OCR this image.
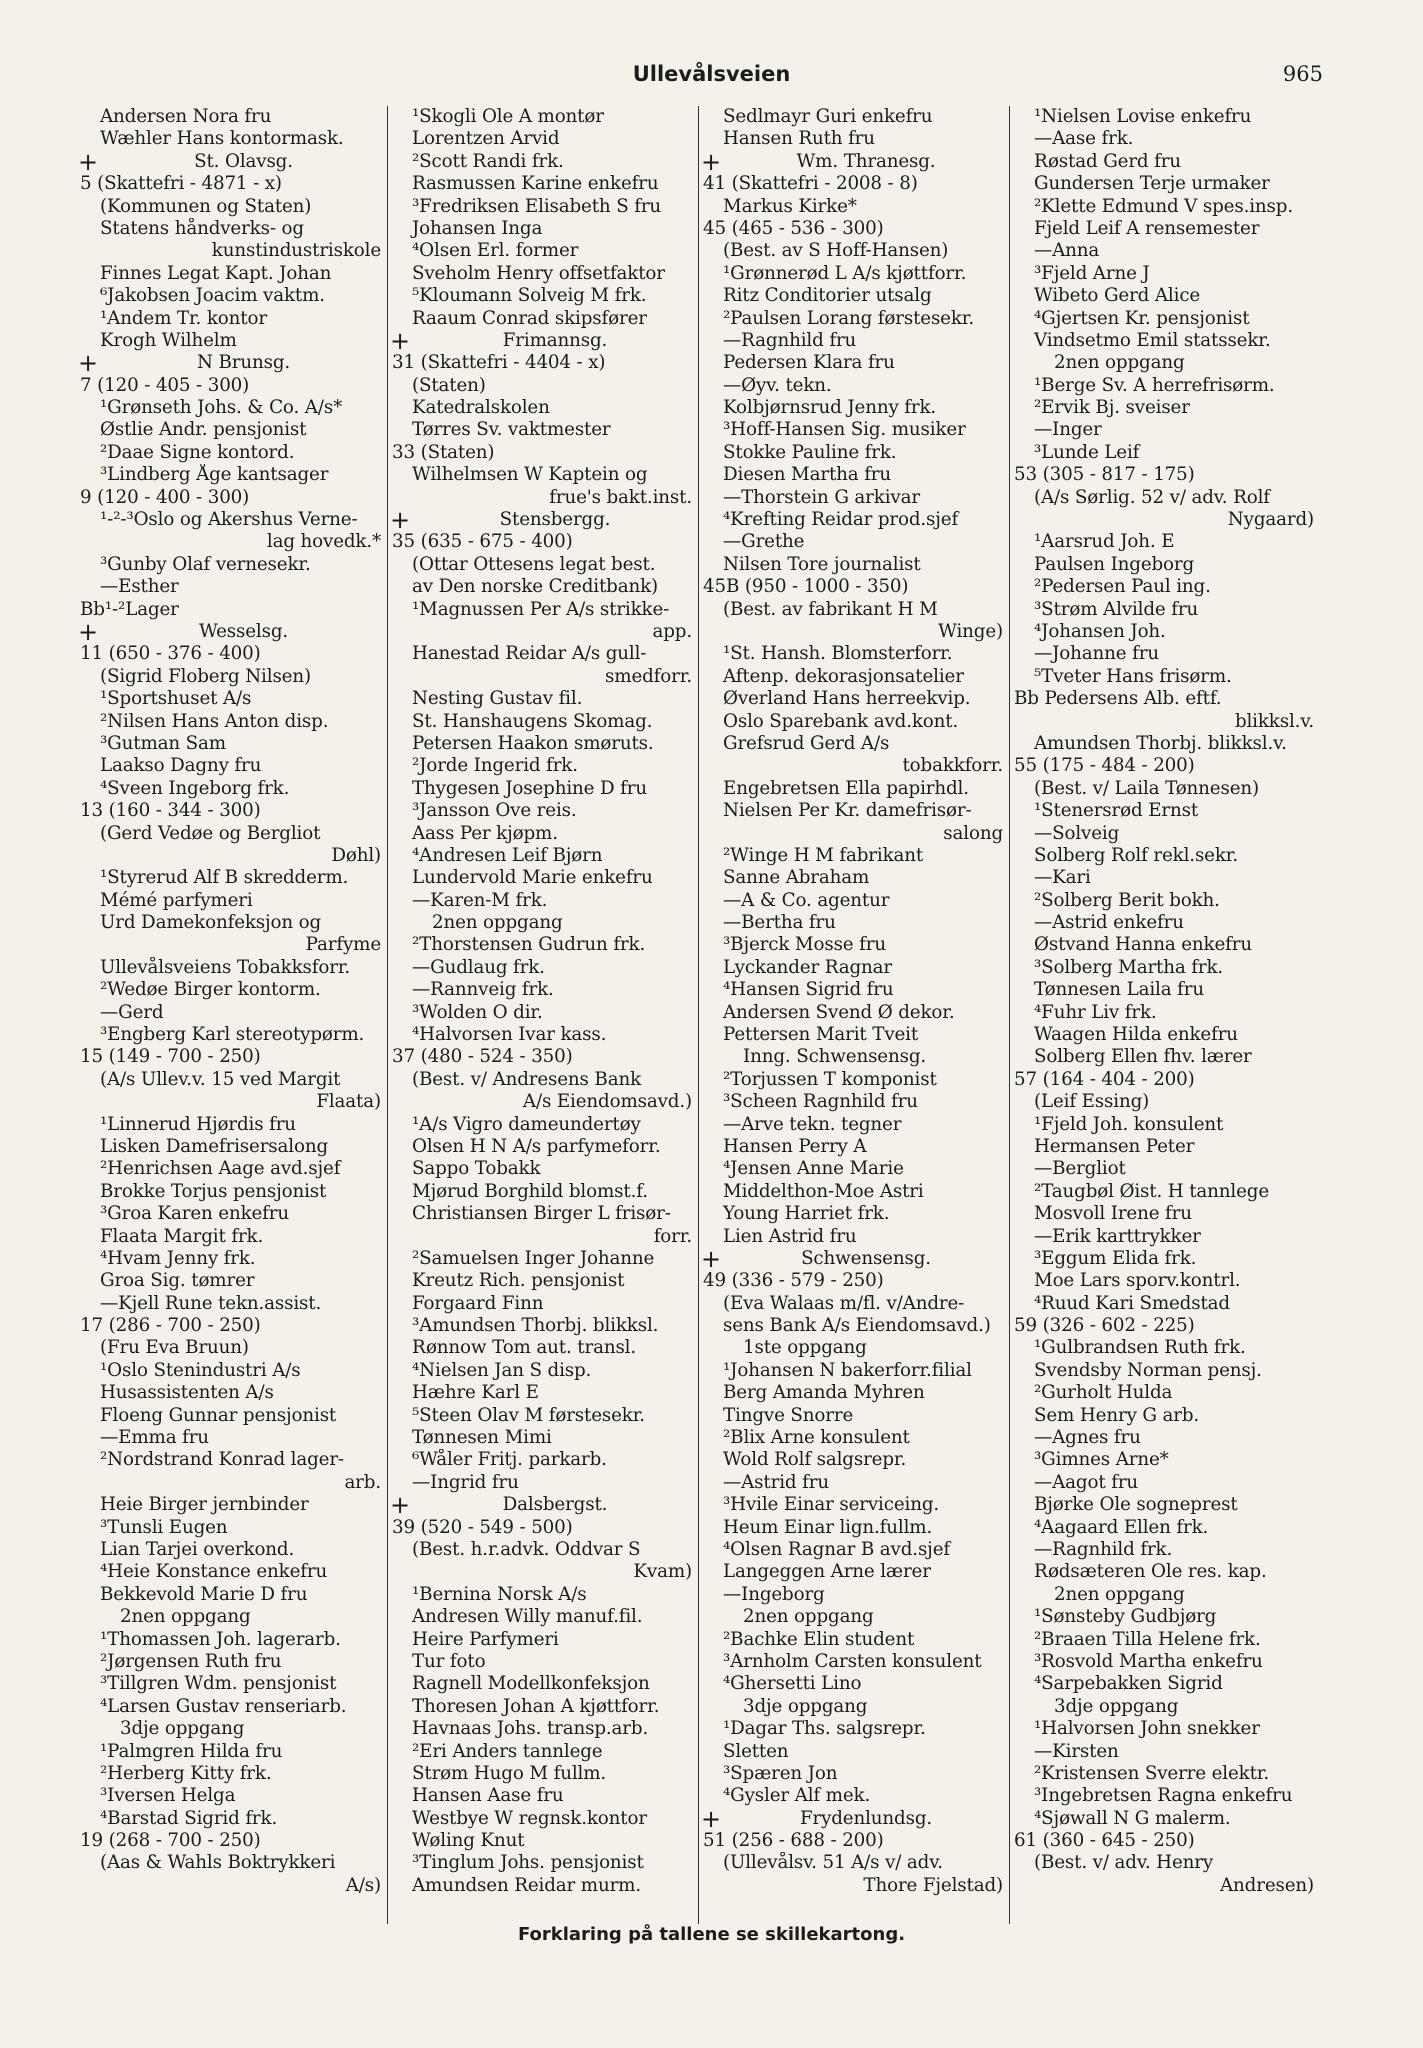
Ullevålsveien	965
Andersen Nora fru
Wæhler Hans kontormask.
+	St. Olavsg.
5 (Skattefri - 4871 - x)
(Kommunen og Staten)
Statens håndverks- og
kunstindustriskole
Finnes Legat Kapt. Johan
⁶Jakobsen Joacim vaktm.
¹Andem Tr. kontor
Krogh Wilhelm
+	N Brunsg.
7 (120 - 405 - 300)
¹Grønseth Johs. & Co. A/s*
Østlie Andr. pensjonist
²Daae Signe kontord.
³Lindberg Åge kantsager
9 (120 - 400 - 300)
¹-²-³Oslo og Akershus Verne-
lag hovedk.*
³Gunby Olaf vernesekr.
—Esther
Bb¹-²Lager
+	Wesselsg.
11 (650 - 376 - 400)
(Sigrid Floberg Nilsen)
¹Sportshuset A/s
²Nilsen Hans Anton disp.
³Gutman Sam
Laakso Dagny fru
⁴Sveen Ingeborg frk.
13 (160 - 344 - 300)
(Gerd Vedøe og Bergliot
Døhl)
¹Styrerud Alf B skredderm.
Mémé parfymeri
Urd Damekonfeksjon og
Parfyme
Ullevålsveiens Tobakksforr.
²Wedøe Birger kontorm.
—Gerd
³Engberg Karl stereotypørm.
15 (149 - 700 - 250)
(A/s Ullev.v. 15 ved Margit
Flaata)
¹Linnerud Hjørdis fru
Lisken Damefrisersalong
²Henrichsen Aage avd.sjef
Brokke Torjus pensjonist
³Groa Karen enkefru
Flaata Margit frk.
⁴Hvam Jenny frk.
Groa Sig. tømrer
—Kjell Rune tekn.assist.
17 (286 - 700 - 250)
(Fru Eva Bruun)
¹Oslo Stenindustri A/s
Husassistenten A/s
Floeng Gunnar pensjonist
—Emma fru
²Nordstrand Konrad lager-
arb.
Heie Birger jernbinder
³Tunsli Eugen
Lian Tarjei overkond.
⁴Heie Konstance enkefru
Bekkevold Marie D fru
2nen oppgang
¹Thomassen Joh. lagerarb.
²Jørgensen Ruth fru
³Tillgren Wdm. pensjonist
⁴Larsen Gustav renseriarb.
3dje oppgang
¹Palmgren Hilda fru
²Herberg Kitty frk.
³Iversen Helga
⁴Barstad Sigrid frk.
19 (268 - 700 - 250)
(Aas & Wahls Boktrykkeri
A/s)
¹Skogli Ole A montør
Lorentzen Arvid
²Scott Randi frk.
Rasmussen Karine enkefru
³Fredriksen Elisabeth S fru
Johansen Inga
⁴Olsen Erl. former
Sveholm Henry offsetfaktor
⁵Kloumann Solveig M frk.
Raaum Conrad skipsfører
+	Frimannsg.
31 (Skattefri - 4404 - x)
(Staten)
Katedralskolen
Tørres Sv. vaktmester
33 (Staten)
Wilhelmsen W Kaptein og
frue's bakt.inst.
+	Stensbergg.
35 (635 - 675 - 400)
(Ottar Ottesens legat best.
av Den norske Creditbank)
¹Magnussen Per A/s strikke-
app.
Hanestad Reidar A/s gull-
smedforr.
Nesting Gustav fil.
St. Hanshaugens Skomag.
Petersen Haakon smøruts.
²Jorde Ingerid frk.
Thygesen Josephine D fru
³Jansson Ove reis.
Aass Per kjøpm.
⁴Andresen Leif Bjørn
Lundervold Marie enkefru
—Karen-M frk.
2nen oppgang
²Thorstensen Gudrun frk.
—Gudlaug frk.
—Rannveig frk.
³Wolden O dir.
⁴Halvorsen Ivar kass.
37 (480 - 524 - 350)
(Best. v/ Andresens Bank
A/s Eiendomsavd.)
¹A/s Vigro dameundertøy
Olsen H N A/s parfymeforr.
Sappo Tobakk
Mjørud Borghild blomst.f.
Christiansen Birger L frisør-
forr.
²Samuelsen Inger Johanne
Kreutz Rich. pensjonist
Forgaard Finn
³Amundsen Thorbj. blikksl.
Rønnow Tom aut. transl.
⁴Nielsen Jan S disp.
Hæhre Karl E
⁵Steen Olav M førstesekr.
Tønnesen Mimi
⁶Wåler Fritj. parkarb.
—Ingrid fru
+	Dalsbergst.
39 (520 - 549 - 500)
(Best. h.r.advk. Oddvar S
Kvam)
¹Bernina Norsk A/s
Andresen Willy manuf.fil.
Heire Parfymeri
Tur foto
Ragnell Modellkonfeksjon
Thoresen Johan A kjøttforr.
Havnaas Johs. transp.arb.
²Eri Anders tannlege
Strøm Hugo M fullm.
Hansen Aase fru
Westbye W regnsk.kontor
Wøling Knut
³Tinglum Johs. pensjonist
Amundsen Reidar murm.
Sedlmayr Guri enkefru
Hansen Ruth fru
+	Wm. Thranesg.
41 (Skattefri - 2008 - 8)
Markus Kirke*
45 (465 - 536 - 300)
(Best. av S Hoff-Hansen)
¹Grønnerød L A/s kjøttforr.
Ritz Conditorier utsalg
²Paulsen Lorang førstesekr.
—Ragnhild fru
Pedersen Klara fru
—Øyv. tekn.
Kolbjørnsrud Jenny frk.
³Hoff-Hansen Sig. musiker
Stokke Pauline frk.
Diesen Martha fru
—Thorstein G arkivar
⁴Krefting Reidar prod.sjef
—Grethe
Nilsen Tore journalist
45B (950 - 1000 - 350)
(Best. av fabrikant H M
Winge)
¹St. Hansh. Blomsterforr.
Aftenp. dekorasjonsatelier
Øverland Hans herreekvip.
Oslo Sparebank avd.kont.
Grefsrud Gerd A/s
tobakkforr.
Engebretsen Ella papirhdl.
Nielsen Per Kr. damefrisør-
salong
²Winge H M fabrikant
Sanne Abraham
—A & Co. agentur
—Bertha fru
³Bjerck Mosse fru
Lyckander Ragnar
⁴Hansen Sigrid fru
Andersen Svend Ø dekor.
Pettersen Marit Tveit
Inng. Schwensensg.
²Torjussen T komponist
³Scheen Ragnhild fru
—Arve tekn. tegner
Hansen Perry A
⁴Jensen Anne Marie
Middelthon-Moe Astri
Young Harriet frk.
Lien Astrid fru
+	Schwensensg.
49 (336 - 579 - 250)
(Eva Walaas m/fl. v/Andre-
sens Bank A/s Eiendomsavd.)
1ste oppgang
¹Johansen N bakerforr.filial
Berg Amanda Myhren
Tingve Snorre
²Blix Arne konsulent
Wold Rolf salgsrepr.
—Astrid fru
³Hvile Einar serviceing.
Heum Einar lign.fullm.
⁴Olsen Ragnar B avd.sjef
Langeggen Arne lærer
—Ingeborg
2nen oppgang
²Bachke Elin student
³Arnholm Carsten konsulent
⁴Ghersetti Lino
3dje oppgang
¹Dagar Ths. salgsrepr.
Sletten
³Spæren Jon
⁴Gysler Alf mek.
+	Frydenlundsg.
51 (256 - 688 - 200)
(Ullevålsv. 51 A/s v/ adv.
Thore Fjelstad)
¹Nielsen Lovise enkefru
—Aase frk.
Røstad Gerd fru
Gundersen Terje urmaker
²Klette Edmund V spes.insp.
Fjeld Leif A rensemester
—Anna
³Fjeld Arne J
Wibeto Gerd Alice
⁴Gjertsen Kr. pensjonist
Vindsetmo Emil statssekr.
2nen oppgang
¹Berge Sv. A herrefrisørm.
²Ervik Bj. sveiser
—Inger
³Lunde Leif
53 (305 - 817 - 175)
(A/s Sørlig. 52 v/ adv. Rolf
Nygaard)
¹Aarsrud Joh. E
Paulsen Ingeborg
²Pedersen Paul ing.
³Strøm Alvilde fru
⁴Johansen Joh.
—Johanne fru
⁵Tveter Hans frisørm.
Bb Pedersens Alb. eftf.
blikksl.v.
Amundsen Thorbj. blikksl.v.
55 (175 - 484 - 200)
(Best. v/ Laila Tønnesen)
¹Stenersrød Ernst
—Solveig
Solberg Rolf rekl.sekr.
—Kari
²Solberg Berit bokh.
—Astrid enkefru
Østvand Hanna enkefru
³Solberg Martha frk.
Tønnesen Laila fru
⁴Fuhr Liv frk.
Waagen Hilda enkefru
Solberg Ellen fhv. lærer
57 (164 - 404 - 200)
(Leif Essing)
¹Fjeld Joh. konsulent
Hermansen Peter
—Bergliot
²Taugbøl Øist. H tannlege
Mosvoll Irene fru
—Erik karttrykker
³Eggum Elida frk.
Moe Lars sporv.kontrl.
⁴Ruud Kari Smedstad
59 (326 - 602 - 225)
¹Gulbrandsen Ruth frk.
Svendsby Norman pensj.
²Gurholt Hulda
Sem Henry G arb.
—Agnes fru
³Gimnes Arne*
—Aagot fru
Bjørke Ole sogneprest
⁴Aagaard Ellen frk.
—Ragnhild frk.
Rødsæteren Ole res. kap.
2nen oppgang
¹Sønsteby Gudbjørg
²Braaen Tilla Helene frk.
³Rosvold Martha enkefru
⁴Sarpebakken Sigrid
3dje oppgang
¹Halvorsen John snekker
—Kirsten
²Kristensen Sverre elektr.
³Ingebretsen Ragna enkefru
⁴Sjøwall N G malerm.
61 (360 - 645 - 250)
(Best. v/ adv. Henry
Andresen)
Forklaring på tallene se skillekartong.
